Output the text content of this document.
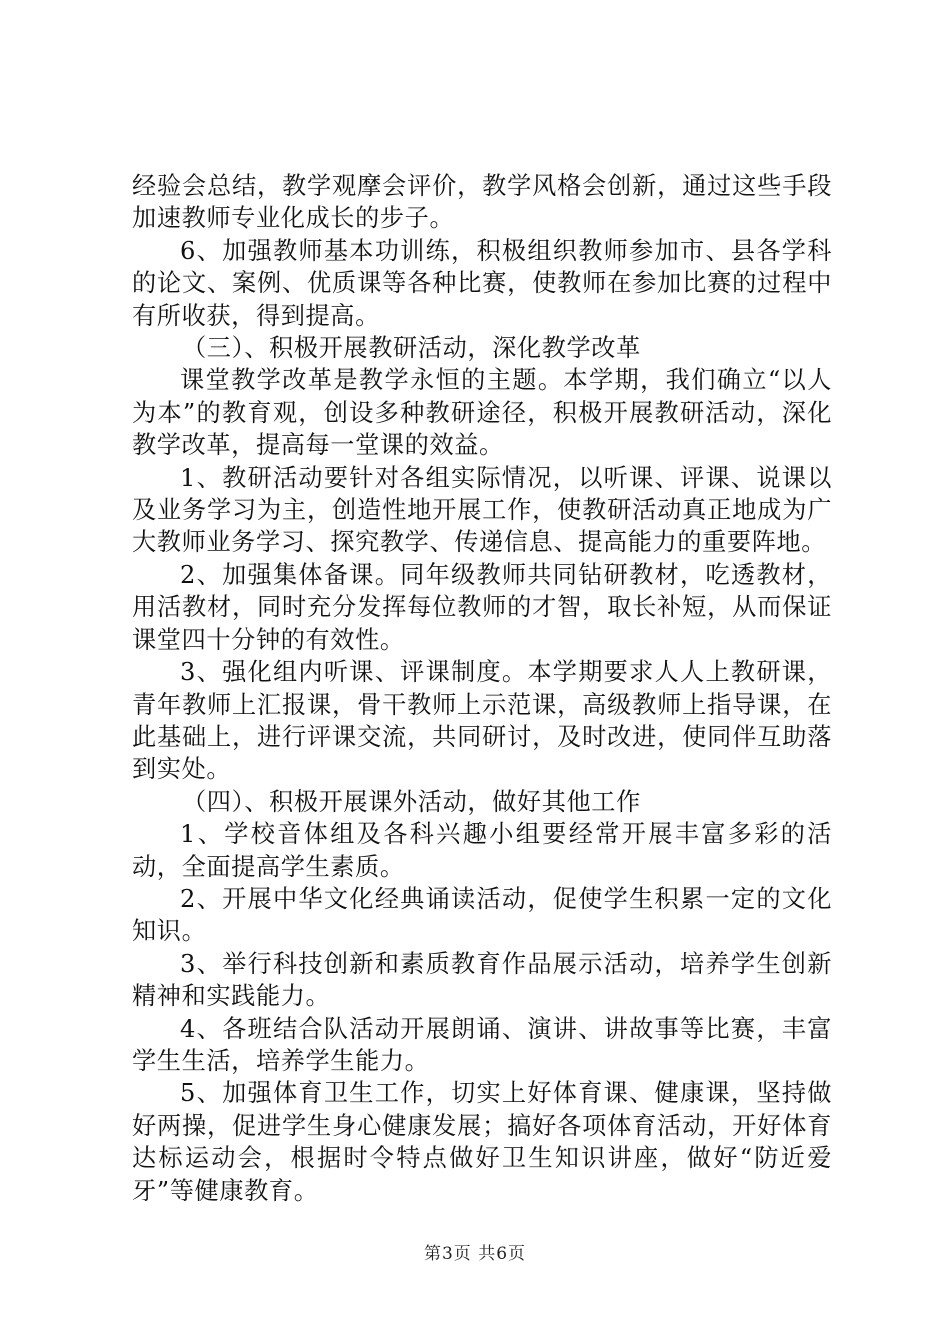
经验会总结，教学观摩会评价，教学风格会创新，通过这些手段加速教师专业化成长的步子。

6、加强教师基本功训练，积极组织教师参加市、县各学科的论文、案例、优质课等各种比赛，使教师在参加比赛的过程中有所收获，得到提高。

（三）、积极开展教研活动，深化教学改革

课堂教学改革是教学永恒的主题。本学期，我们确立“以人为本”的教育观，创设多种教研途径，积极开展教研活动，深化教学改革，提高每一堂课的效益。

1、教研活动要针对各组实际情况，以听课、评课、说课以及业务学习为主，创造性地开展工作，使教研活动真正地成为广大教师业务学习、探究教学、传递信息、提高能力的重要阵地。

2、加强集体备课。同年级教师共同钻研教材，吃透教材，用活教材，同时充分发挥每位教师的才智，取长补短，从而保证课堂四十分钟的有效性。

3、强化组内听课、评课制度。本学期要求人人上教研课，青年教师上汇报课，骨干教师上示范课，高级教师上指导课，在此基础上，进行评课交流，共同研讨，及时改进，使同伴互助落到实处。

（四）、积极开展课外活动，做好其他工作

1、学校音体组及各科兴趣小组要经常开展丰富多彩的活动，全面提高学生素质。

2、开展中华文化经典诵读活动，促使学生积累一定的文化知识。

3、举行科技创新和素质教育作品展示活动，培养学生创新精神和实践能力。

4、各班结合队活动开展朗诵、演讲、讲故事等比赛，丰富学生生活，培养学生能力。

5、加强体育卫生工作，切实上好体育课、健康课，坚持做好两操，促进学生身心健康发展；搞好各项体育活动，开好体育达标运动会，根据时令特点做好卫生知识讲座，做好“防近爱牙”等健康教育。

第3页 共6页
